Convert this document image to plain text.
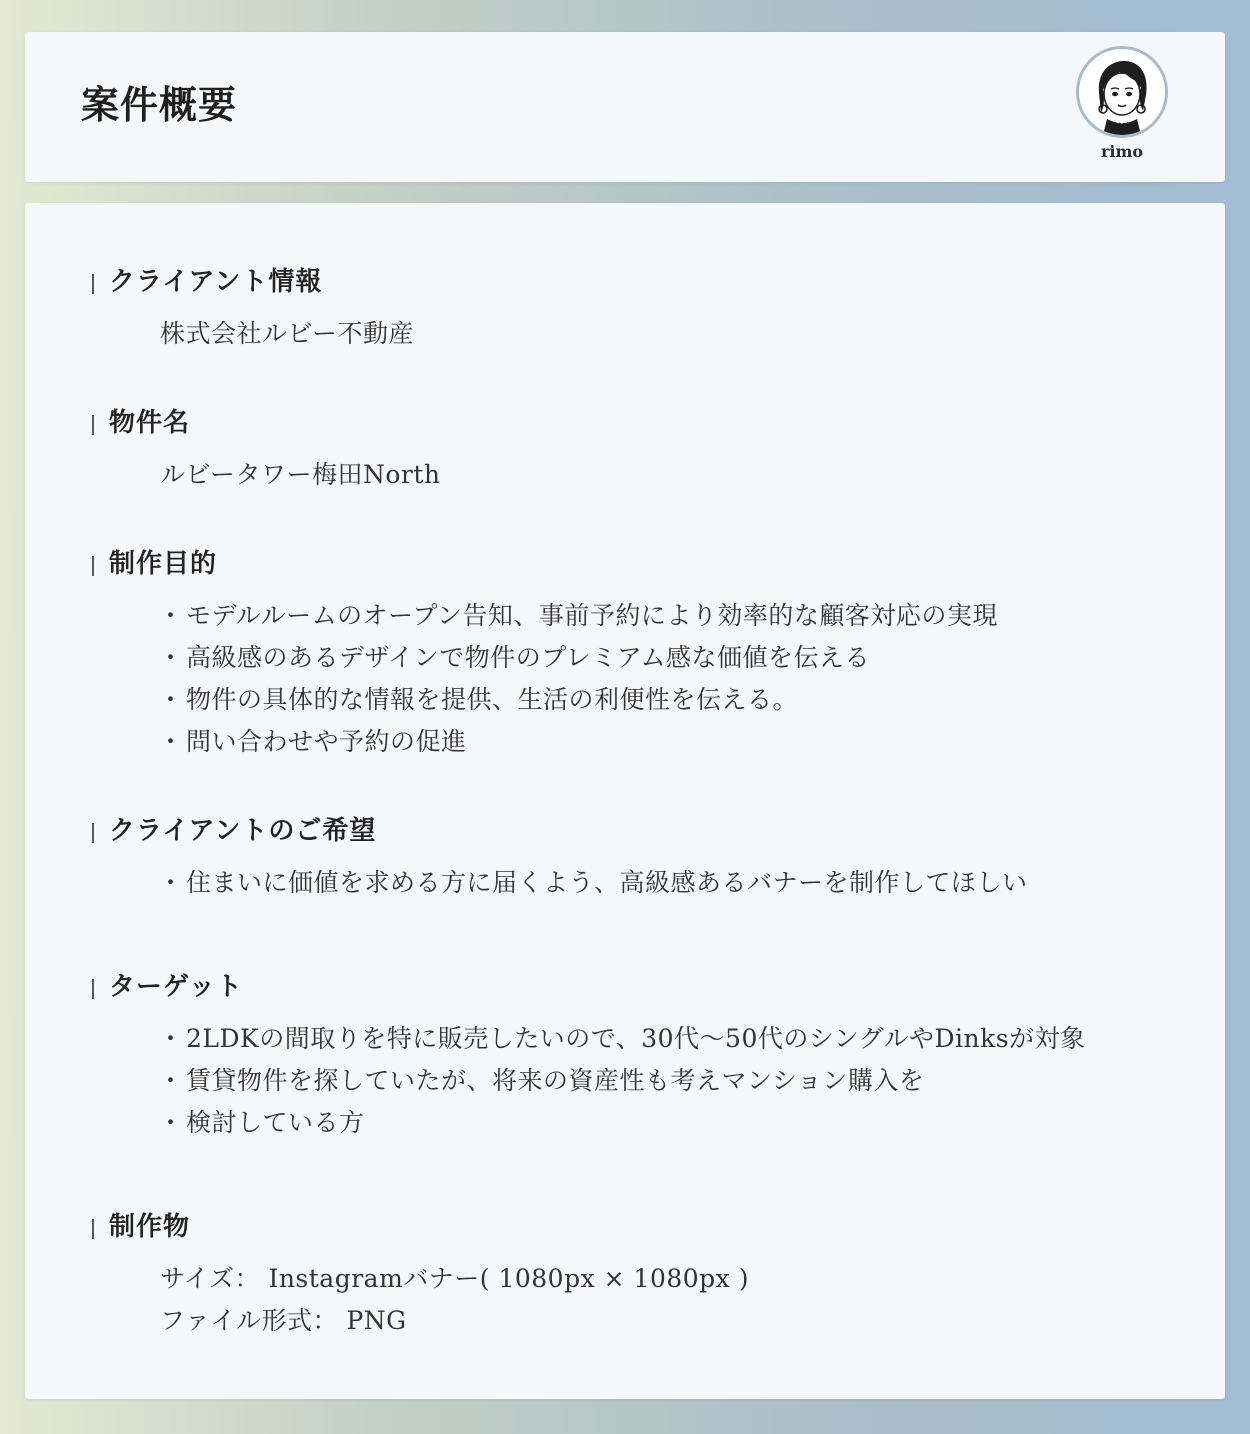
案件概要
rimo
クライアント情報
株式会社ルビー不動産
物件名
ルビータワー梅田North
制作目的
・ モデルルームのオープン告知、事前予約により効率的な顧客対応の実現
・ 高級感のあるデザインで物件のプレミアム感な価値を伝える
・ 物件の具体的な情報を提供、生活の利便性を伝える。
・ 問い合わせや予約の促進
クライアントのご希望
・ 住まいに価値を求める方に届くよう、高級感あるバナーを制作してほしい
ターゲット
・ 2LDKの間取りを特に販売したいので、30代〜50代のシングルやDinksが対象
・ 賃貸物件を探していたが、将来の資産性も考えマンション購入を
・ 検討している方
制作物
サイズ： Instagramバナー( 1080px × 1080px )
ファイル形式： PNG
